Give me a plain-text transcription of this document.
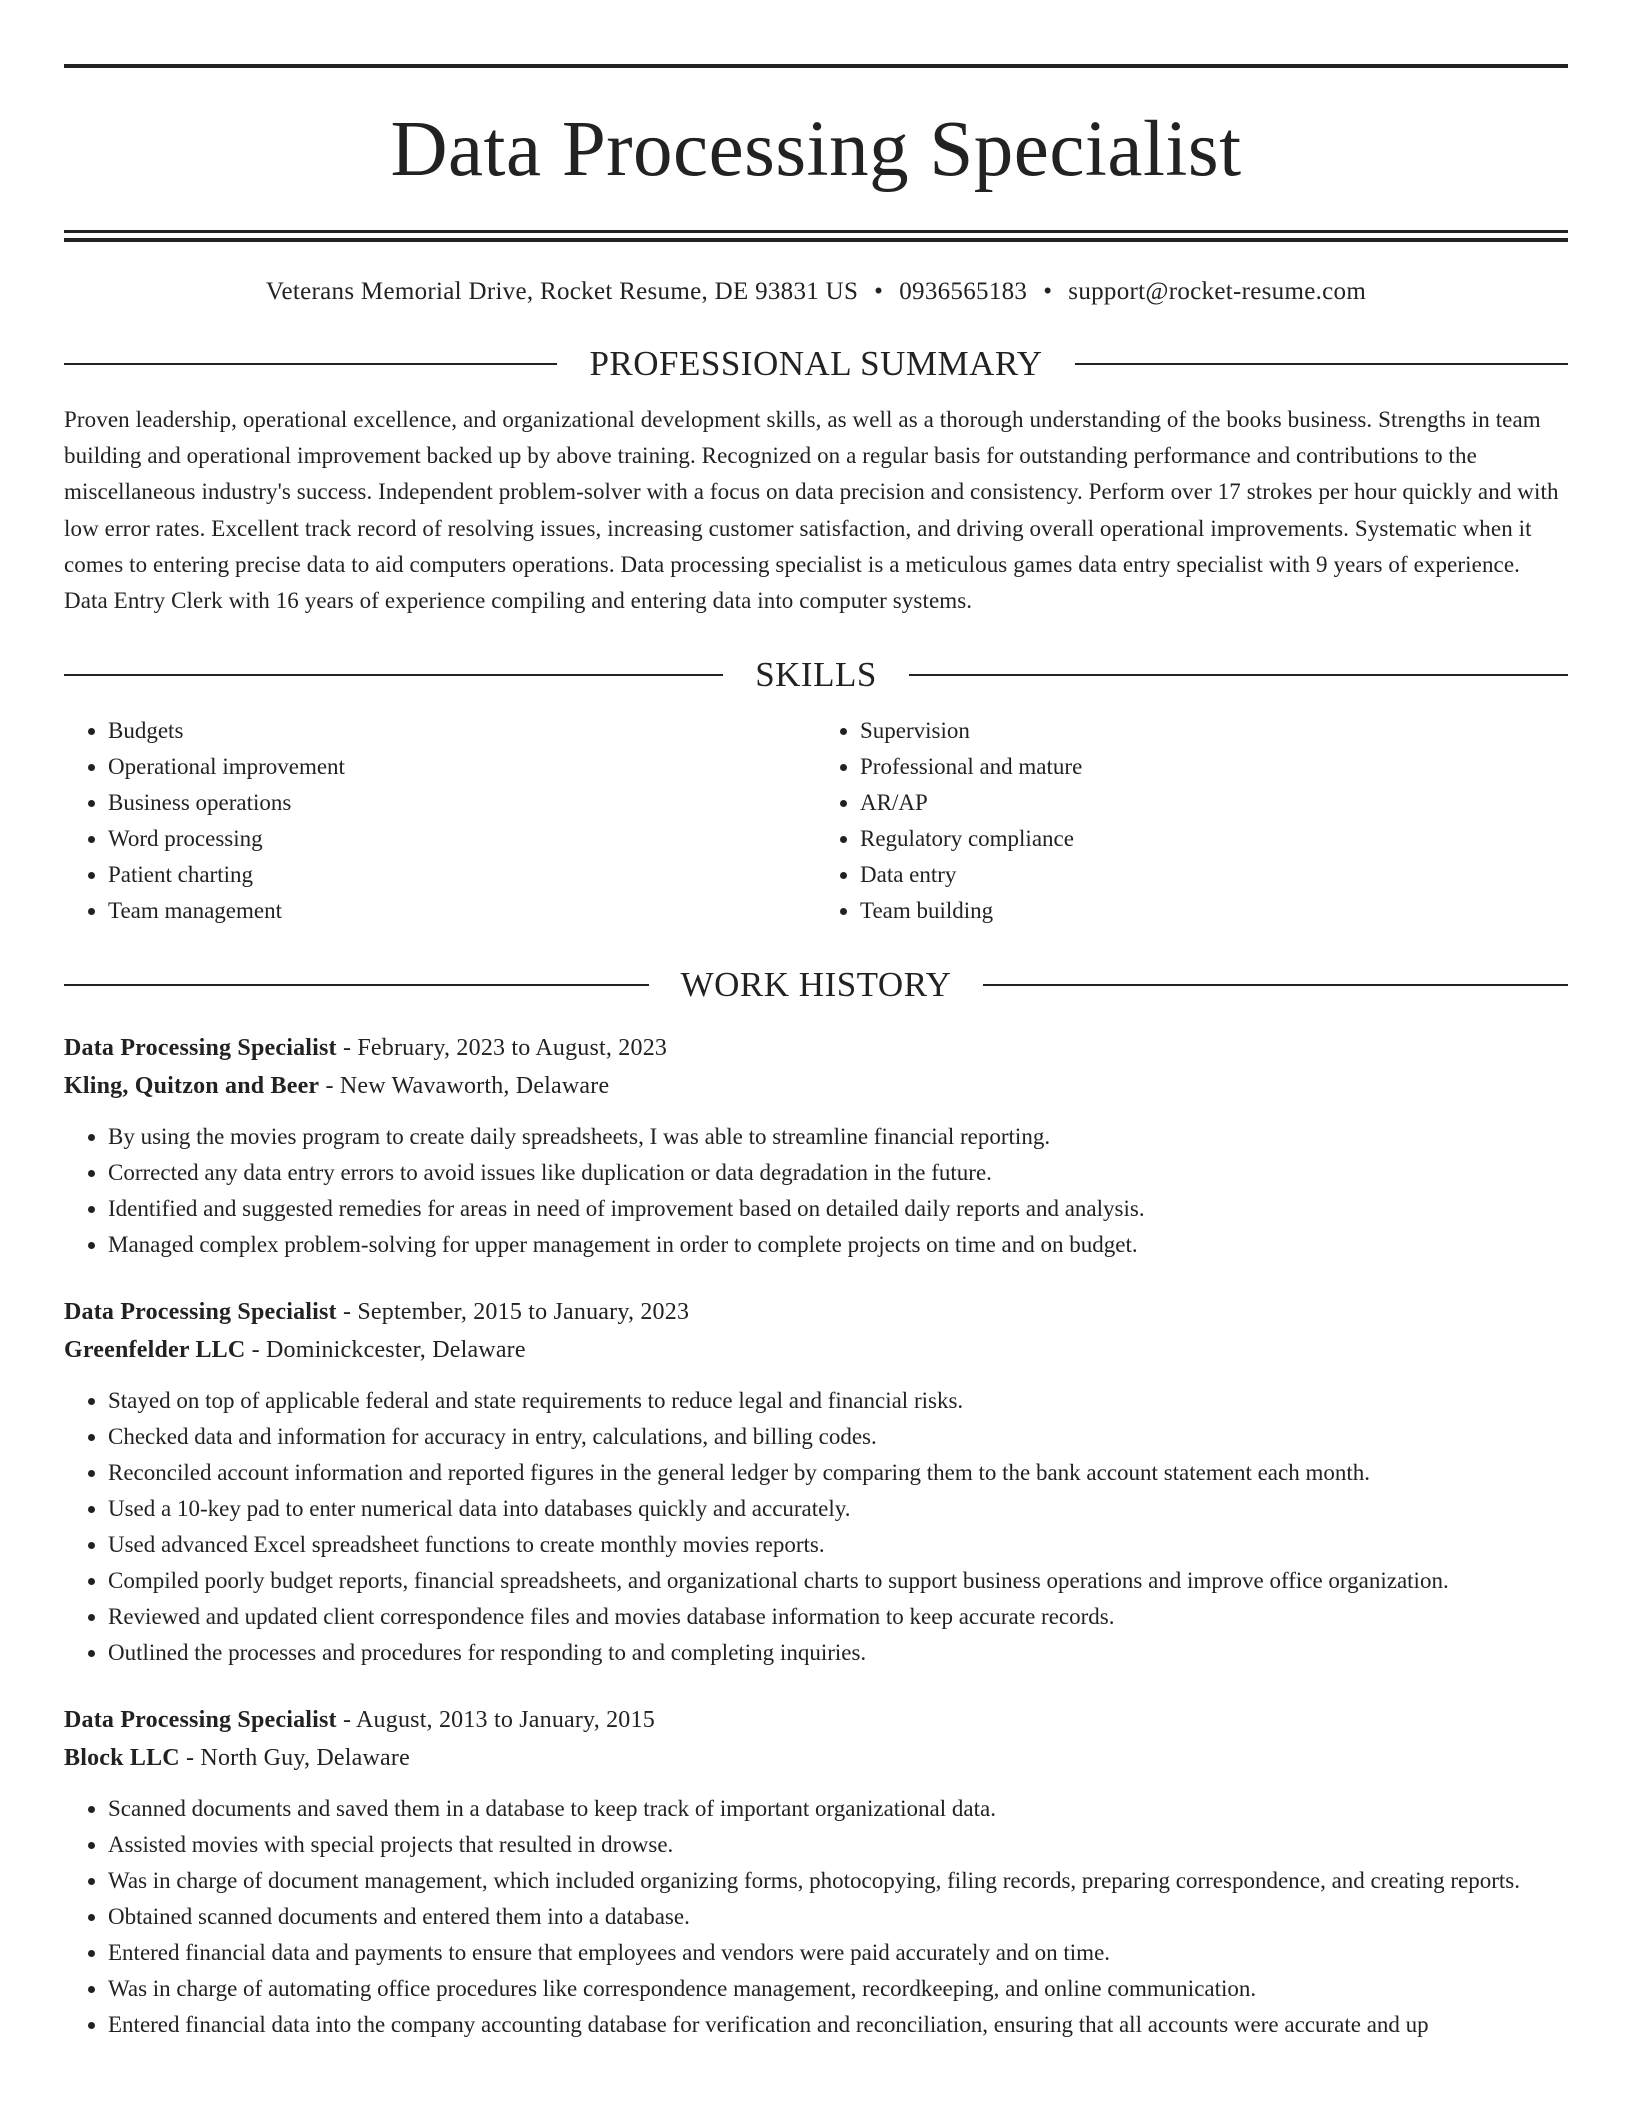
Data Processing Specialist
Veterans Memorial Drive, Rocket Resume, DE 93831 US • 0936565183 • support@rocket-resume.com
PROFESSIONAL SUMMARY
Proven leadership, operational excellence, and organizational development skills, as well as a thorough understanding of the books business. Strengths in team building and operational improvement backed up by above training. Recognized on a regular basis for outstanding performance and contributions to the miscellaneous industry's success. Independent problem-solver with a focus on data precision and consistency. Perform over 17 strokes per hour quickly and with low error rates. Excellent track record of resolving issues, increasing customer satisfaction, and driving overall operational improvements. Systematic when it comes to entering precise data to aid computers operations. Data processing specialist is a meticulous games data entry specialist with 9 years of experience. Data Entry Clerk with 16 years of experience compiling and entering data into computer systems.
SKILLS
• Budgets
• Operational improvement
• Business operations
• Word processing
• Patient charting
• Team management
• Supervision
• Professional and mature
• AR/AP
• Regulatory compliance
• Data entry
• Team building
WORK HISTORY
Data Processing Specialist - February, 2023 to August, 2023
Kling, Quitzon and Beer - New Wavaworth, Delaware
• By using the movies program to create daily spreadsheets, I was able to streamline financial reporting.
• Corrected any data entry errors to avoid issues like duplication or data degradation in the future.
• Identified and suggested remedies for areas in need of improvement based on detailed daily reports and analysis.
• Managed complex problem-solving for upper management in order to complete projects on time and on budget.
Data Processing Specialist - September, 2015 to January, 2023
Greenfelder LLC - Dominickcester, Delaware
• Stayed on top of applicable federal and state requirements to reduce legal and financial risks.
• Checked data and information for accuracy in entry, calculations, and billing codes.
• Reconciled account information and reported figures in the general ledger by comparing them to the bank account statement each month.
• Used a 10-key pad to enter numerical data into databases quickly and accurately.
• Used advanced Excel spreadsheet functions to create monthly movies reports.
• Compiled poorly budget reports, financial spreadsheets, and organizational charts to support business operations and improve office organization.
• Reviewed and updated client correspondence files and movies database information to keep accurate records.
• Outlined the processes and procedures for responding to and completing inquiries.
Data Processing Specialist - August, 2013 to January, 2015
Block LLC - North Guy, Delaware
• Scanned documents and saved them in a database to keep track of important organizational data.
• Assisted movies with special projects that resulted in drowse.
• Was in charge of document management, which included organizing forms, photocopying, filing records, preparing correspondence, and creating reports.
• Obtained scanned documents and entered them into a database.
• Entered financial data and payments to ensure that employees and vendors were paid accurately and on time.
• Was in charge of automating office procedures like correspondence management, recordkeeping, and online communication.
• Entered financial data into the company accounting database for verification and reconciliation, ensuring that all accounts were accurate and up
